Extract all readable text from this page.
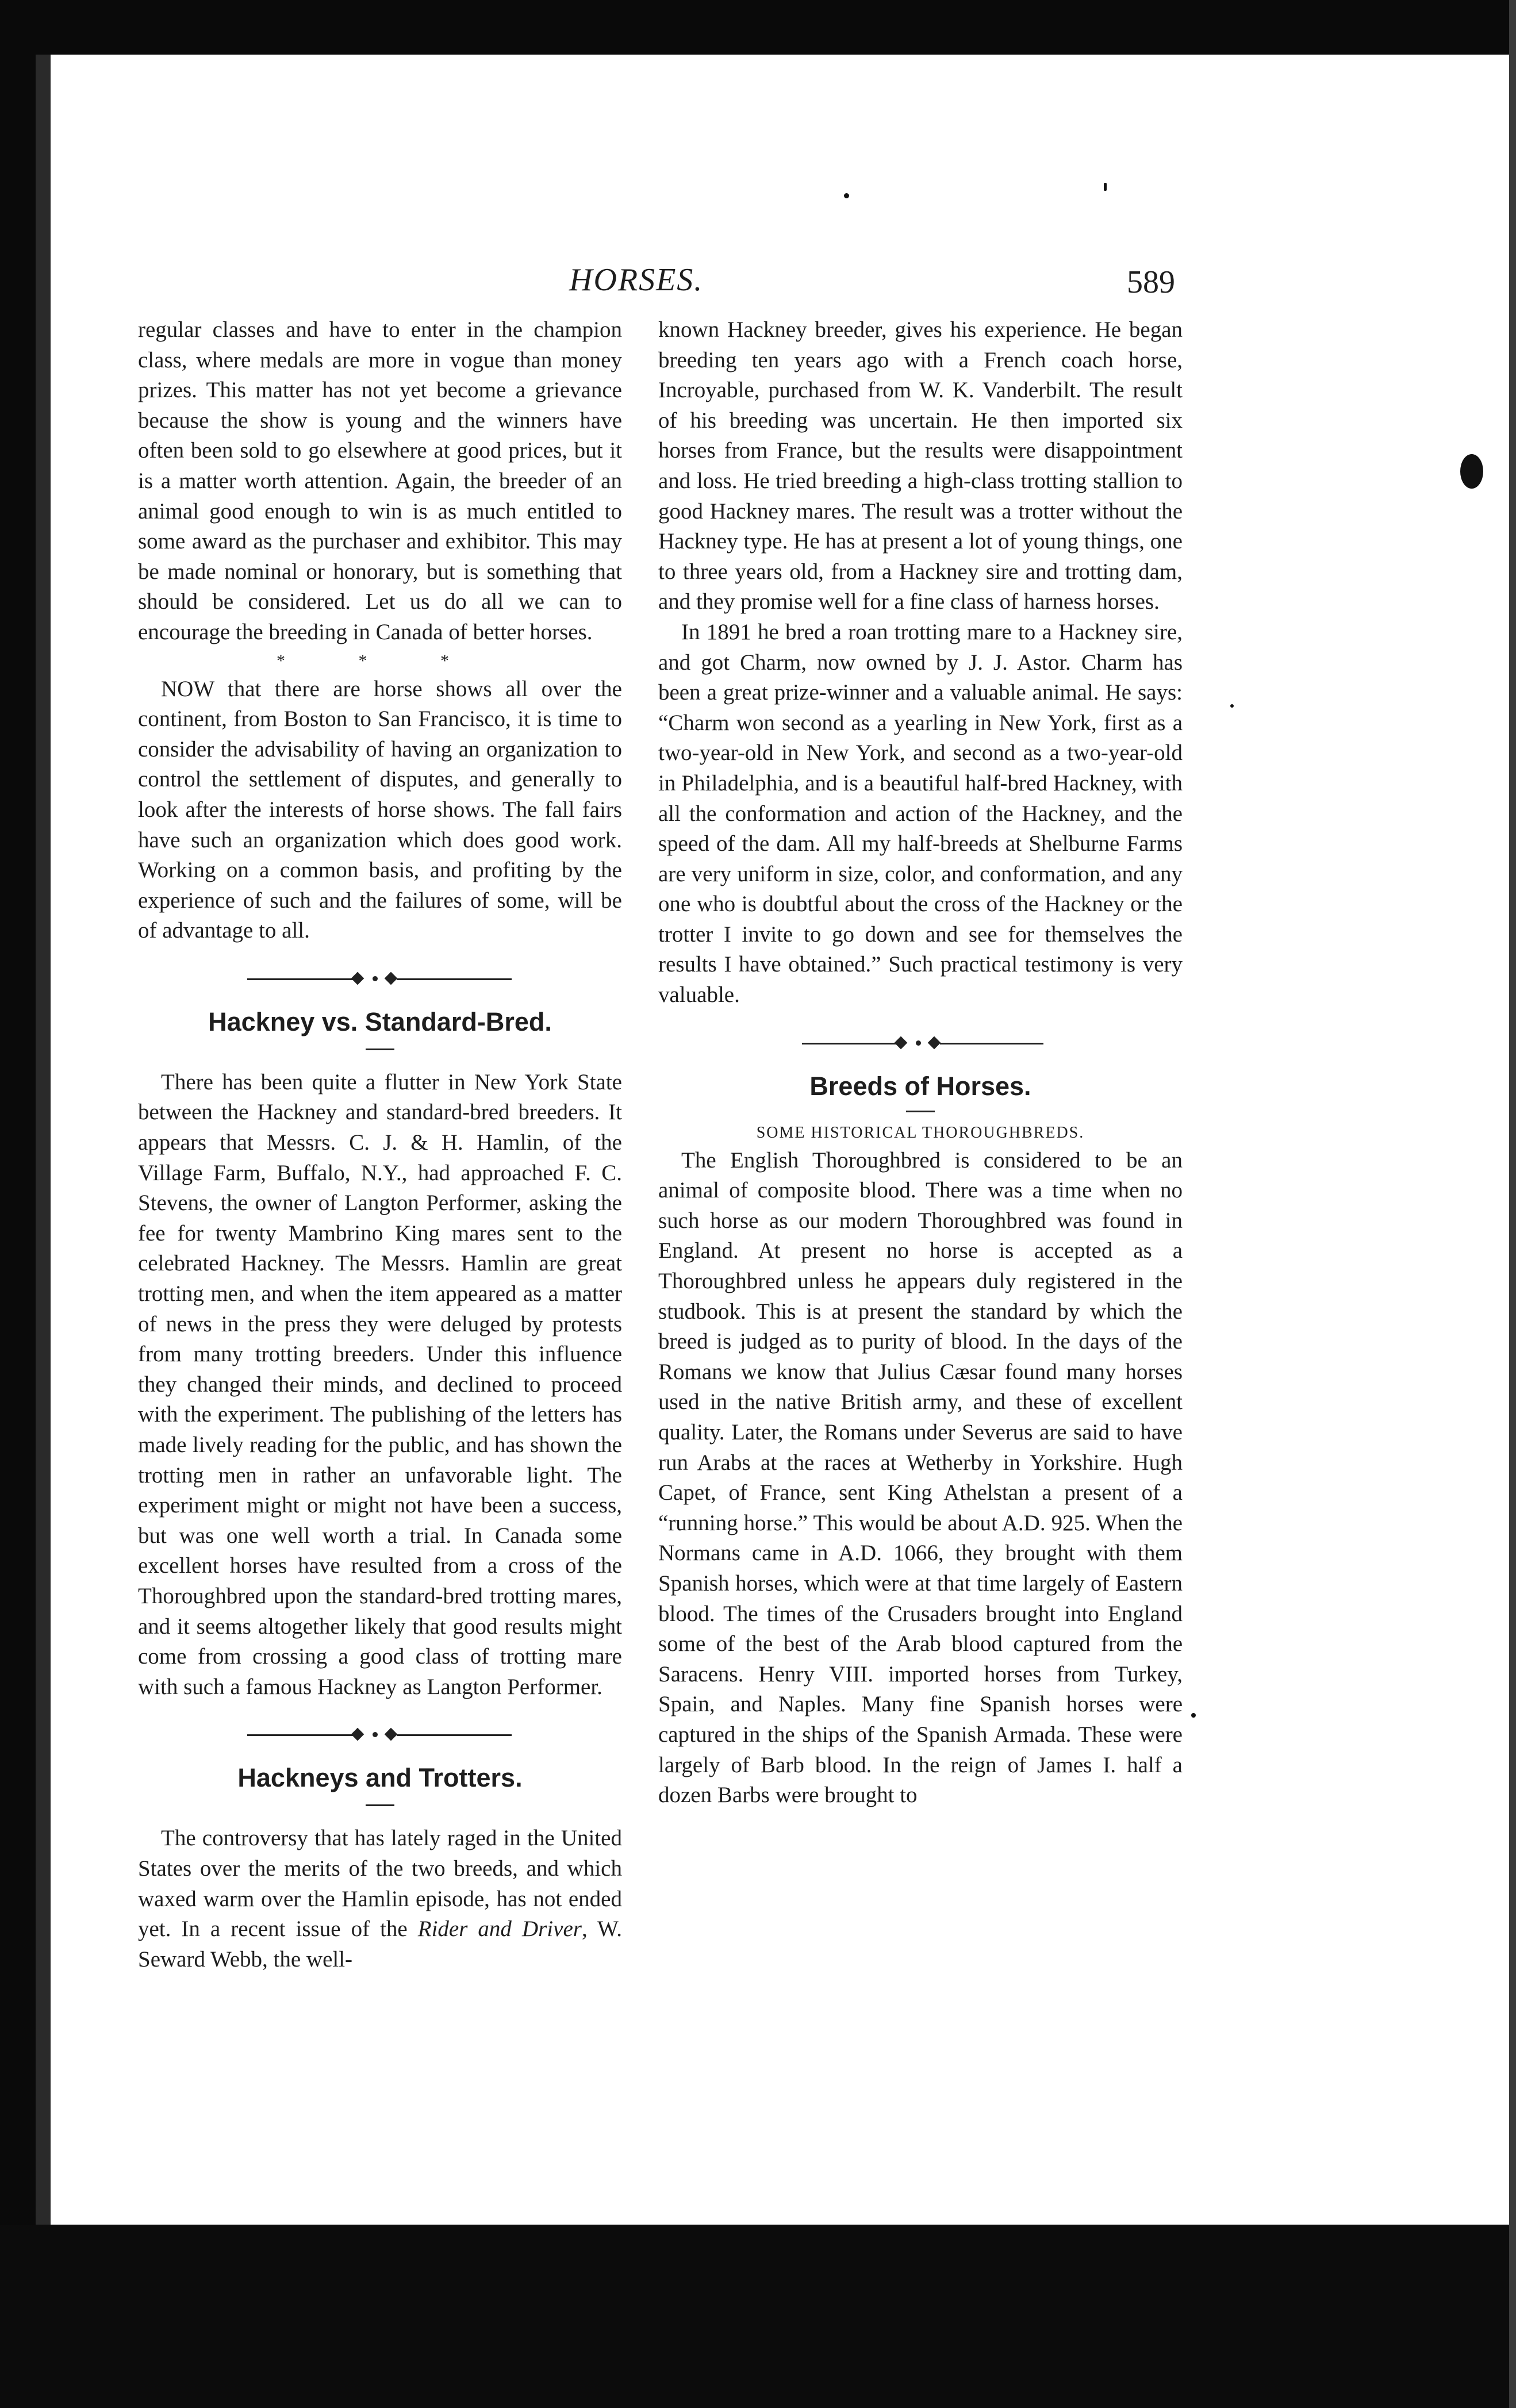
HORSES.	589

regular classes and have to enter in the champion class, where medals are more in vogue than money prizes. This matter has not yet become a grievance because the show is young and the winners have often been sold to go elsewhere at good prices, but it is a matter worth attention. Again, the breeder of an animal good enough to win is as much entitled to some award as the purchaser and exhibitor. This may be made nominal or honorary, but is something that should be considered. Let us do all we can to encourage the breeding in Canada of better horses.

* * *

NOW that there are horse shows all over the continent, from Boston to San Francisco, it is time to consider the advisability of having an organization to control the settlement of disputes, and generally to look after the interests of horse shows. The fall fairs have such an organization which does good work. Working on a common basis, and profiting by the experience of such and the failures of some, will be of advantage to all.

Hackney vs. Standard-Bred.

There has been quite a flutter in New York State between the Hackney and standard-bred breeders. It appears that Messrs. C. J. & H. Hamlin, of the Village Farm, Buffalo, N.Y., had approached F. C. Stevens, the owner of Langton Performer, asking the fee for twenty Mambrino King mares sent to the celebrated Hackney. The Messrs. Hamlin are great trotting men, and when the item appeared as a matter of news in the press they were deluged by protests from many trotting breeders. Under this influence they changed their minds, and declined to proceed with the experiment. The publishing of the letters has made lively reading for the public, and has shown the trotting men in rather an unfavorable light. The experiment might or might not have been a success, but was one well worth a trial. In Canada some excellent horses have resulted from a cross of the Thoroughbred upon the standard-bred trotting mares, and it seems altogether likely that good results might come from crossing a good class of trotting mare with such a famous Hackney as Langton Performer.

Hackneys and Trotters.

The controversy that has lately raged in the United States over the merits of the two breeds, and which waxed warm over the Hamlin episode, has not ended yet. In a recent issue of the Rider and Driver, W. Seward Webb, the well-

known Hackney breeder, gives his experience. He began breeding ten years ago with a French coach horse, Incroyable, purchased from W. K. Vanderbilt. The result of his breeding was uncertain. He then imported six horses from France, but the results were disappointment and loss. He tried breeding a high-class trotting stallion to good Hackney mares. The result was a trotter without the Hackney type. He has at present a lot of young things, one to three years old, from a Hackney sire and trotting dam, and they promise well for a fine class of harness horses.

In 1891 he bred a roan trotting mare to a Hackney sire, and got Charm, now owned by J. J. Astor. Charm has been a great prize-winner and a valuable animal. He says: “Charm won second as a yearling in New York, first as a two-year-old in New York, and second as a two-year-old in Philadelphia, and is a beautiful half-bred Hackney, with all the conformation and action of the Hackney, and the speed of the dam. All my half-breeds at Shelburne Farms are very uniform in size, color, and conformation, and any one who is doubtful about the cross of the Hackney or the trotter I invite to go down and see for themselves the results I have obtained.” Such practical testimony is very valuable.

Breeds of Horses.

SOME HISTORICAL THOROUGHBREDS.

The English Thoroughbred is considered to be an animal of composite blood. There was a time when no such horse as our modern Thoroughbred was found in England. At present no horse is accepted as a Thoroughbred unless he appears duly registered in the studbook. This is at present the standard by which the breed is judged as to purity of blood. In the days of the Romans we know that Julius Cæsar found many horses used in the native British army, and these of excellent quality. Later, the Romans under Severus are said to have run Arabs at the races at Wetherby in Yorkshire. Hugh Capet, of France, sent King Athelstan a present of a “running horse.” This would be about A.D. 925. When the Normans came in A.D. 1066, they brought with them Spanish horses, which were at that time largely of Eastern blood. The times of the Crusaders brought into England some of the best of the Arab blood captured from the Saracens. Henry VIII. imported horses from Turkey, Spain, and Naples. Many fine Spanish horses were captured in the ships of the Spanish Armada. These were largely of Barb blood. In the reign of James I. half a dozen Barbs were brought to
